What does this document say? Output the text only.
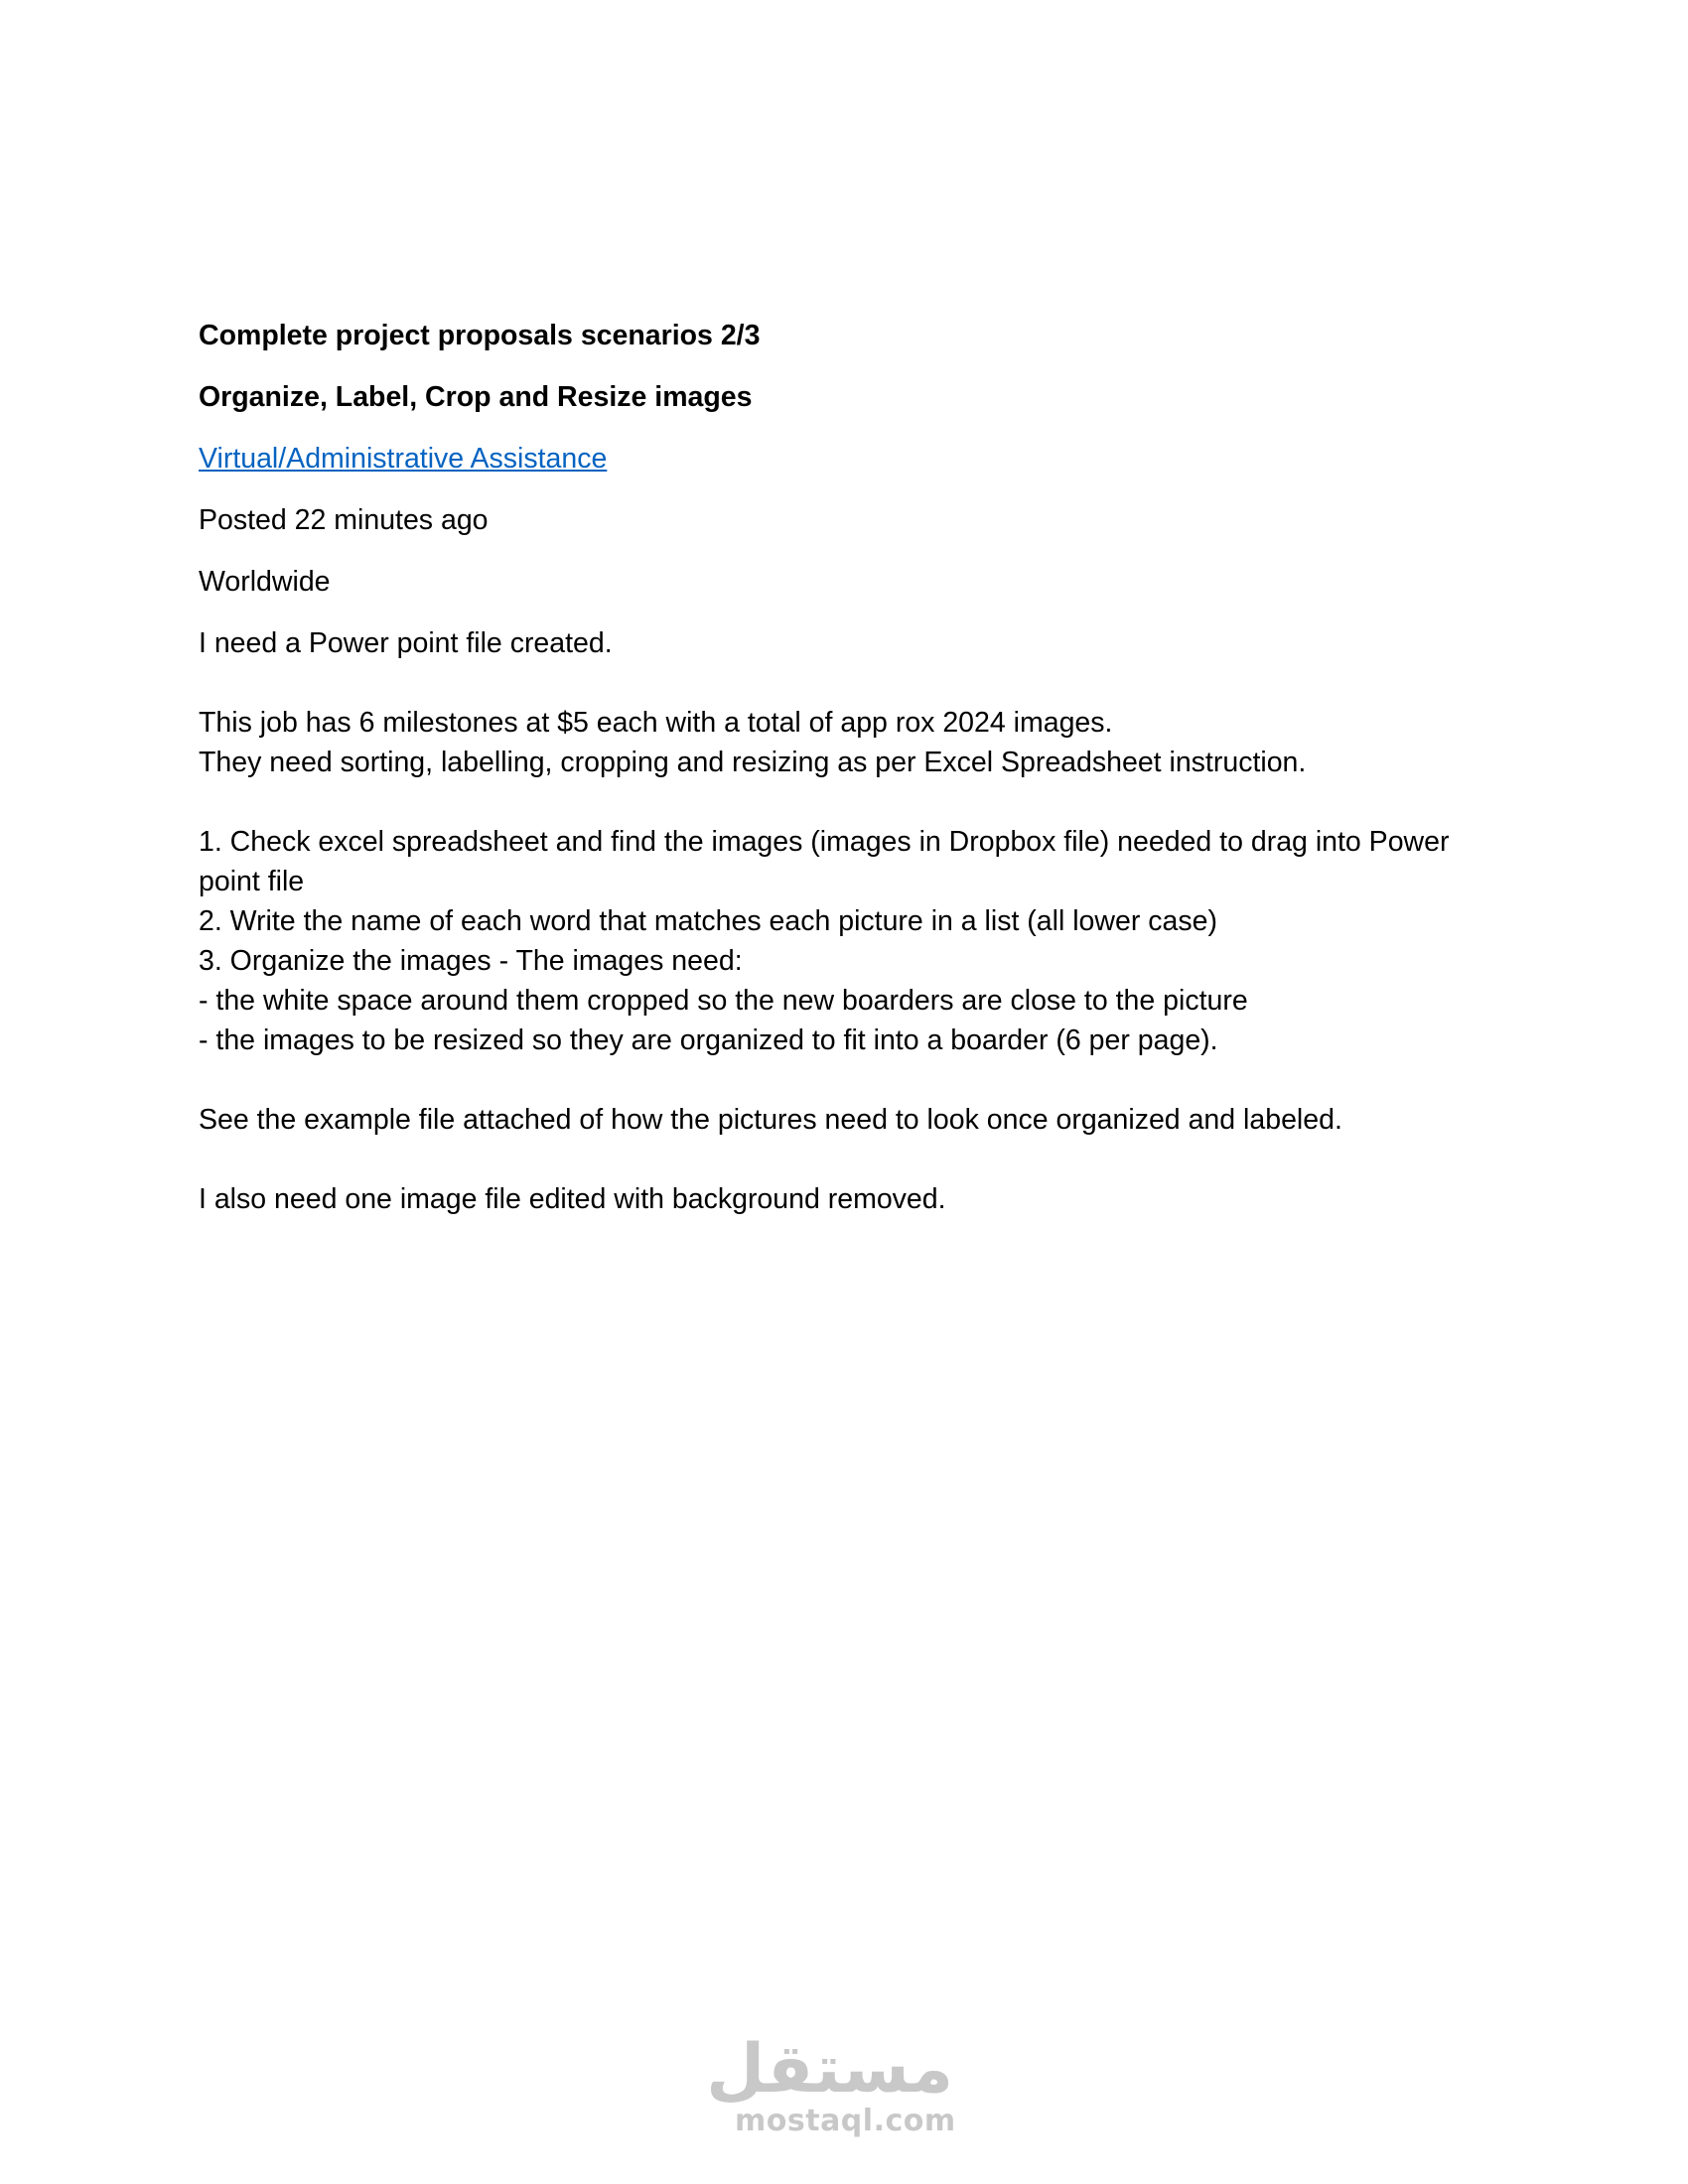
Complete project proposals scenarios 2/3

Organize, Label, Crop and Resize images

Virtual/Administrative Assistance

Posted 22 minutes ago

Worldwide

I need a Power point file created.

This job has 6 milestones at $5 each with a total of app rox 2024 images.

They need sorting, labelling, cropping and resizing as per Excel Spreadsheet instruction.

1. Check excel spreadsheet and find the images (images in Dropbox file) needed to drag into Power

point file

2. Write the name of each word that matches each picture in a list (all lower case)

3. Organize the images - The images need:

- the white space around them cropped so the new boarders are close to the picture

- the images to be resized so they are organized to fit into a boarder (6 per page).

See the example file attached of how the pictures need to look once organized and labeled.

I also need one image file edited with background removed.

مستقل
mostaql.com
